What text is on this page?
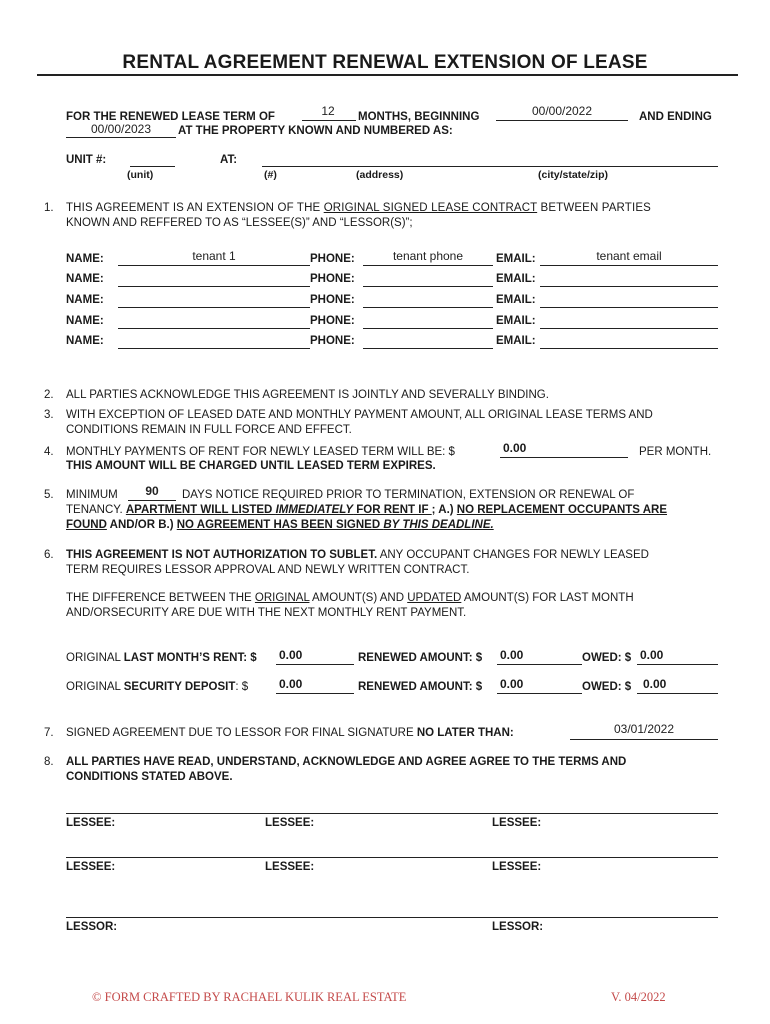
RENTAL AGREEMENT RENEWAL EXTENSION OF LEASE
FOR THE RENEWED LEASE TERM OF	12	MONTHS, BEGINNING	00/00/2022	AND ENDING
00/00/2023	AT THE PROPERTY KNOWN AND NUMBERED AS:
UNIT #:	AT:
(unit)	(#)	(address)	(city/state/zip)
1. THIS AGREEMENT IS AN EXTENSION OF THE ORIGINAL SIGNED LEASE CONTRACT BETWEEN PARTIES
KNOWN AND REFFERED TO AS “LESSEE(S)” AND “LESSOR(S)”;
NAME:	tenant 1	PHONE:	tenant phone	EMAIL:	tenant email
NAME:	PHONE:	EMAIL:
NAME:	PHONE:	EMAIL:
NAME:	PHONE:	EMAIL:
NAME:	PHONE:	EMAIL:
2. ALL PARTIES ACKNOWLEDGE THIS AGREEMENT IS JOINTLY AND SEVERALLY BINDING.
3. WITH EXCEPTION OF LEASED DATE AND MONTHLY PAYMENT AMOUNT, ALL ORIGINAL LEASE TERMS AND
CONDITIONS REMAIN IN FULL FORCE AND EFFECT.
4. MONTHLY PAYMENTS OF RENT FOR NEWLY LEASED TERM WILL BE: $	0.00	PER MONTH.
THIS AMOUNT WILL BE CHARGED UNTIL LEASED TERM EXPIRES.
5. MINIMUM	90	DAYS NOTICE REQUIRED PRIOR TO TERMINATION, EXTENSION OR RENEWAL OF
TENANCY. APARTMENT WILL LISTED IMMEDIATELY FOR RENT IF ; A.) NO REPLACEMENT OCCUPANTS ARE
FOUND AND/OR B.) NO AGREEMENT HAS BEEN SIGNED BY THIS DEADLINE.
6. THIS AGREEMENT IS NOT AUTHORIZATION TO SUBLET. ANY OCCUPANT CHANGES FOR NEWLY LEASED
TERM REQUIRES LESSOR APPROVAL AND NEWLY WRITTEN CONTRACT.
THE DIFFERENCE BETWEEN THE ORIGINAL AMOUNT(S) AND UPDATED AMOUNT(S) FOR LAST MONTH
AND/ORSECURITY ARE DUE WITH THE NEXT MONTHLY RENT PAYMENT.
ORIGINAL LAST MONTH’S RENT: $ 0.00	RENEWED AMOUNT: $ 0.00	OWED: $ 0.00
ORIGINAL SECURITY DEPOSIT: $	0.00	RENEWED AMOUNT: $ 0.00	OWED: $ 0.00
7. SIGNED AGREEMENT DUE TO LESSOR FOR FINAL SIGNATURE NO LATER THAN:	03/01/2022
8. ALL PARTIES HAVE READ, UNDERSTAND, ACKNOWLEDGE AND AGREE AGREE TO THE TERMS AND
CONDITIONS STATED ABOVE.
LESSEE:	LESSEE:	LESSEE:
LESSEE:	LESSEE:	LESSEE:
LESSOR:	LESSOR:
© FORM CRAFTED BY RACHAEL KULIK REAL ESTATE	V. 04/2022
